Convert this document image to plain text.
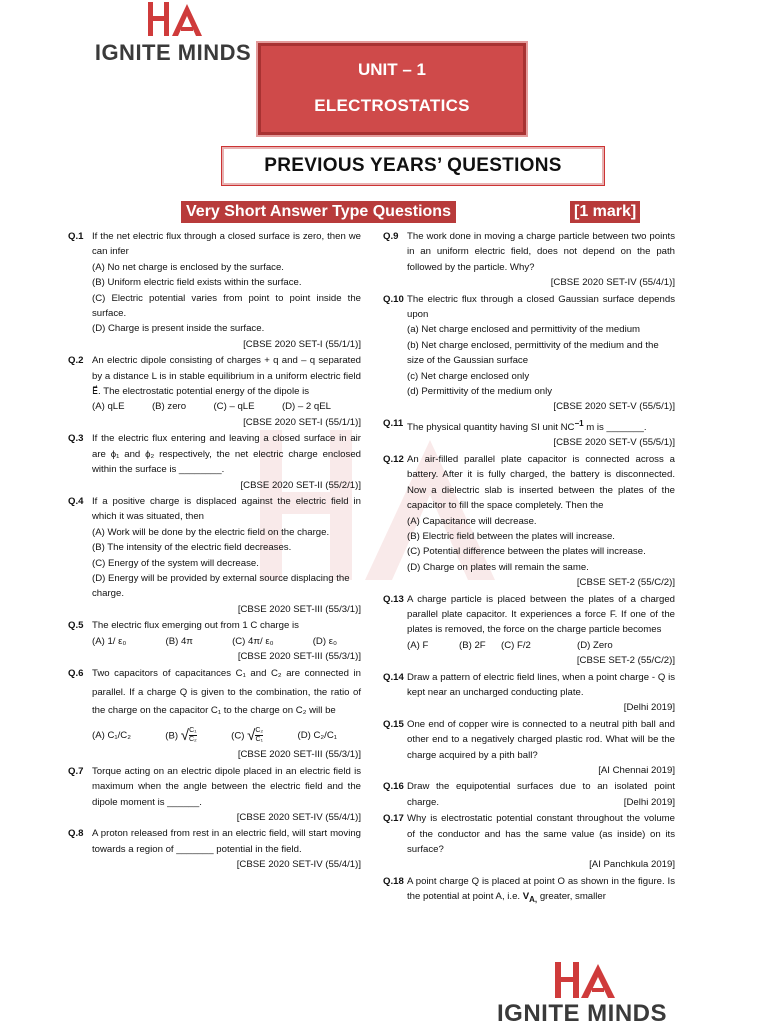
IGNITE MINDS
UNIT – 1
ELECTROSTATICS
PREVIOUS YEARS’ QUESTIONS
Very Short Answer Type Questions	[1 mark]
Q.1 If the net electric flux through a closed surface is zero, then we can infer
(A) No net charge is enclosed by the surface.
(B) Uniform electric field exists within the surface.
(C) Electric potential varies from point to point inside the surface.
(D) Charge is present inside the surface.
[CBSE 2020 SET-I (55/1/1)]
Q.2 An electric dipole consisting of charges + q and – q separated by a distance L is in stable equilibrium in a uniform electric field E⃗. The electrostatic potential energy of the dipole is
(A) qLE	(B) zero	(C) – qLE	(D) – 2 qEL
[CBSE 2020 SET-I (55/1/1)]
Q.3 If the electric flux entering and leaving a closed surface in air are ϕ₁ and ϕ₂ respectively, the net electric charge enclosed within the surface is ________.
[CBSE 2020 SET-II (55/2/1)]
Q.4 If a positive charge is displaced against the electric field in which it was situated, then
(A) Work will be done by the electric field on the charge.
(B) The intensity of the electric field decreases.
(C) Energy of the system will decrease.
(D) Energy will be provided by external source displacing the charge.
[CBSE 2020 SET-III (55/3/1)]
Q.5 The electric flux emerging out from 1 C charge is
(A) 1/ ε₀	(B) 4π	(C) 4π/ ε₀	(D) ε₀
[CBSE 2020 SET-III (55/3/1)]
Q.6 Two capacitors of capacitances C₁ and C₂ are connected in parallel. If a charge Q is given to the combination, the ratio of the charge on the capacitor C₁ to the charge on C₂ will be
(A) C₁/C₂	(B) √ $\frac{\text{C₁}}{\text{C₂}}$	(C) √ $\frac{\text{C₂}}{\text{C₁}}$	(D) C₂/C₁
[CBSE 2020 SET-III (55/3/1)]
Q.7 Torque acting on an electric dipole placed in an electric field is maximum when the angle between the electric field and the dipole moment is ______.
[CBSE 2020 SET-IV (55/4/1)]
Q.8 A proton released from rest in an electric field, will start moving towards a region of _______ potential in the field.
[CBSE 2020 SET-IV (55/4/1)]
Q.9 The work done in moving a charge particle between two points in an uniform electric field, does not depend on the path followed by the particle. Why?
[CBSE 2020 SET-IV (55/4/1)]
Q.10 The electric flux through a closed Gaussian surface depends upon
(a) Net charge enclosed and permittivity of the medium
(b) Net charge enclosed, permittivity of the medium and the size of the Gaussian surface
(c) Net charge enclosed only
(d) Permittivity of the medium only
[CBSE 2020 SET-V (55/5/1)]
Q.11 The physical quantity having SI unit $NC^{-1}$ m is _______.
[CBSE 2020 SET-V (55/5/1)]
Q.12 An air-filled parallel plate capacitor is connected across a battery. After it is fully charged, the battery is disconnected. Now a dielectric slab is inserted between the plates of the capacitor to fill the space completely. Then the
(A) Capacitance will decrease.
(B) Electric field between the plates will increase.
(C) Potential difference between the plates will increase.
(D) Charge on plates will remain the same.
[CBSE SET-2 (55/C/2)]
Q.13 A charge particle is placed between the plates of a charged parallel plate capacitor. It experiences a force F. If one of the plates is removed, the force on the charge particle becomes
(A) F	(B) 2F	(C) F/2	(D) Zero
[CBSE SET-2 (55/C/2)]
Q.14 Draw a pattern of electric field lines, when a point charge - Q is kept near an uncharged conducting plate.
[Delhi 2019]
Q.15 One end of copper wire is connected to a neutral pith ball and other end to a negatively charged plastic rod. What will be the charge acquired by a pith ball?
[AI Chennai 2019]
Q.16 Draw the equipotential surfaces due to an isolated point charge.	[Delhi 2019]
Q.17 Why is electrostatic potential constant throughout the volume of the conductor and has the same value (as inside) on its surface?
[AI Panchkula 2019]
Q.18 A point charge Q is placed at point O as shown in the figure. Is the potential at point A, i.e. $V_{A,}$ greater, smaller
IGNITE MINDS
